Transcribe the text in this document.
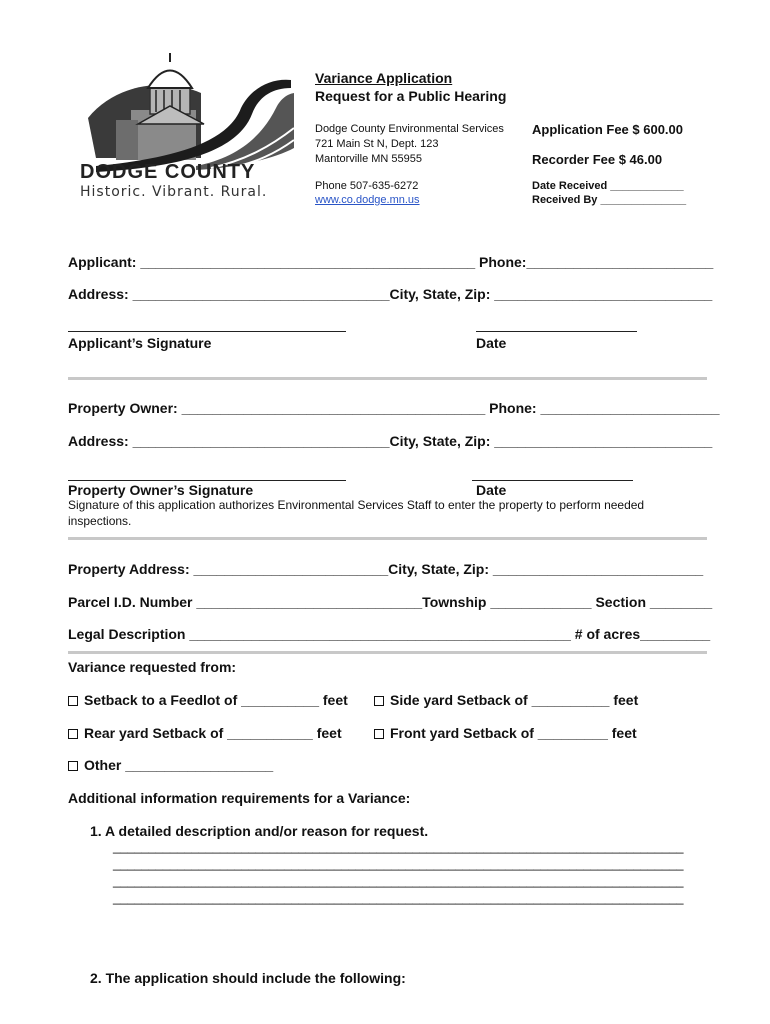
DODGE COUNTY
Historic. Vibrant. Rural.
Variance Application
Request for a Public Hearing
Dodge County Environmental Services
721 Main St N, Dept. 123
Mantorville MN 55955
Phone 507-635-6272
www.co.dodge.mn.us
Application Fee $ 600.00
Recorder Fee $ 46.00
Date Received ____________
Received By ______________
Applicant: ___________________________________________ Phone:________________________
Address: _________________________________City, State, Zip: ____________________________
Applicant’s Signature	Date
Property Owner: _______________________________________ Phone: _______________________
Address: _________________________________City, State, Zip: ____________________________
Property Owner’s Signature	Date
Signature of this application authorizes Environmental Services Staff to enter the property to perform needed
inspections.
Property Address: _________________________City, State, Zip: ___________________________
Parcel I.D. Number _____________________________Township _____________ Section ________
Legal Description _________________________________________________ # of acres_________
Variance requested from:
Setback to a Feedlot of __________ feet	Side yard Setback of __________ feet
Rear yard Setback of ___________ feet	Front yard Setback of _________ feet
Other ___________________
Additional information requirements for a Variance:
1. A detailed description and/or reason for request.
________________________________________________________________________________
________________________________________________________________________________
________________________________________________________________________________
________________________________________________________________________________
2. The application should include the following:
